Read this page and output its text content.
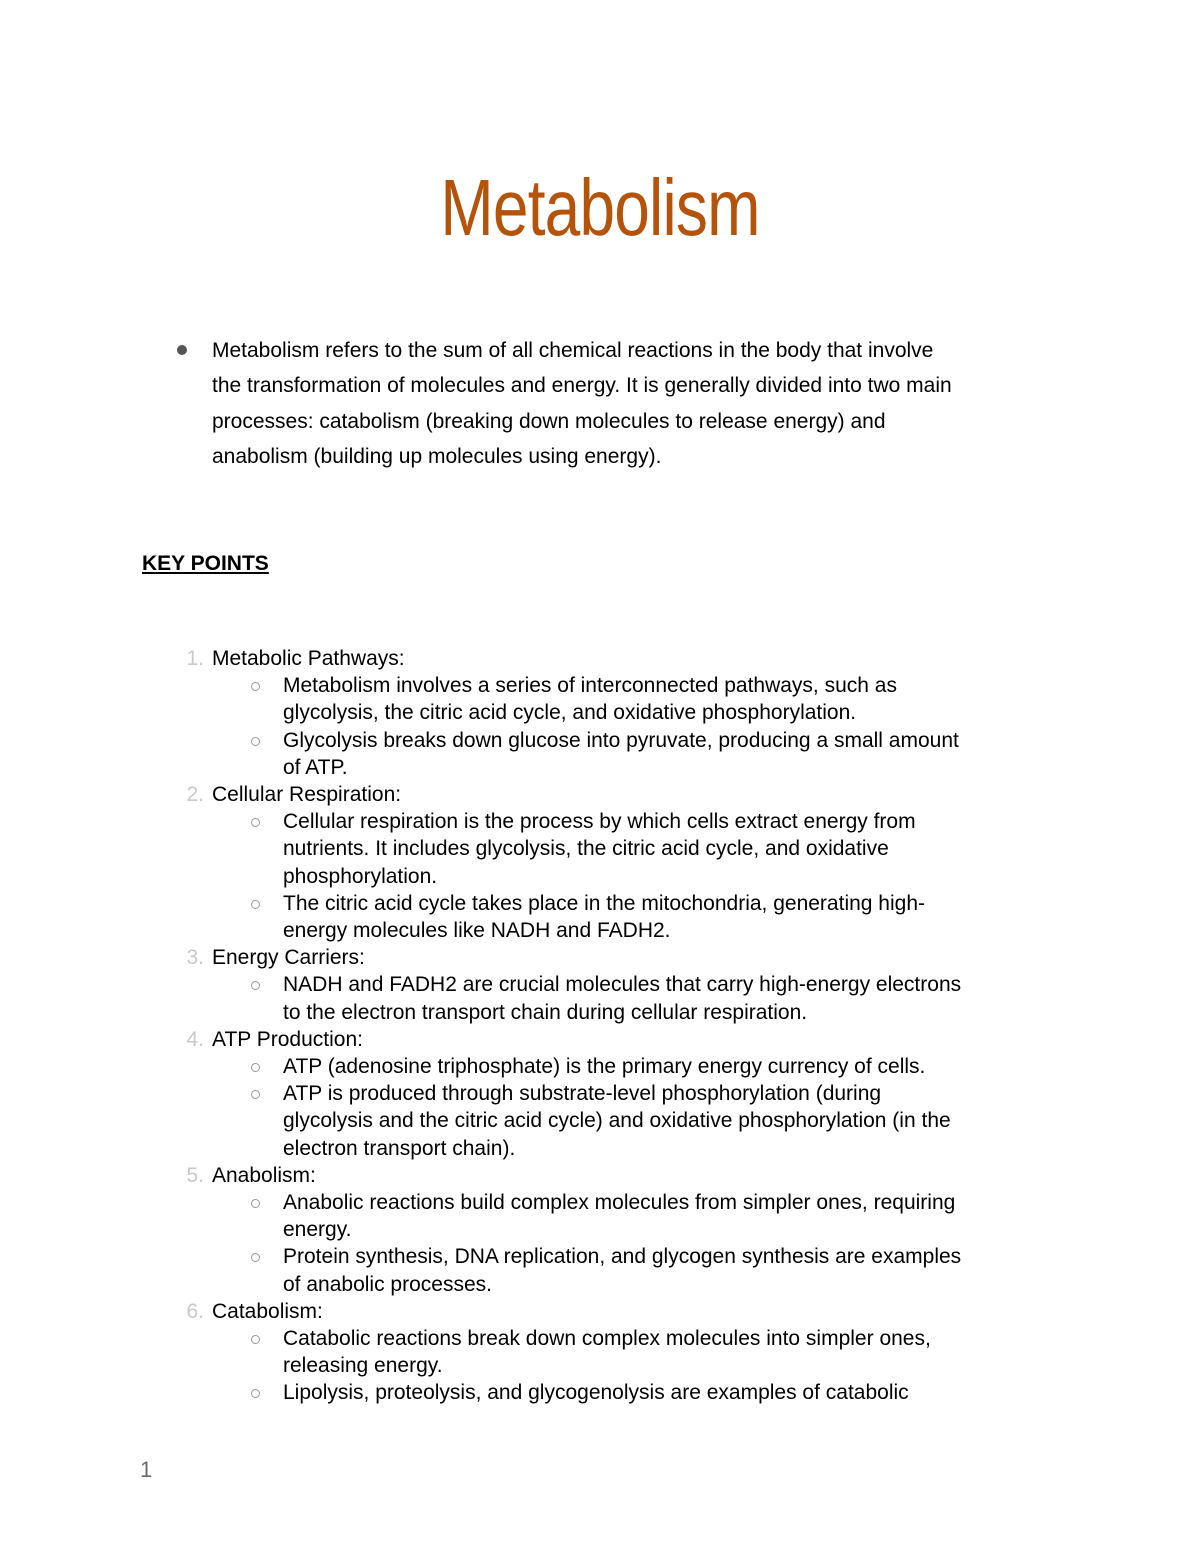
Metabolism
Metabolism refers to the sum of all chemical reactions in the body that involve
the transformation of molecules and energy. It is generally divided into two main
processes: catabolism (breaking down molecules to release energy) and
anabolism (building up molecules using energy).
KEY POINTS
1. Metabolic Pathways:
Metabolism involves a series of interconnected pathways, such as
glycolysis, the citric acid cycle, and oxidative phosphorylation.
Glycolysis breaks down glucose into pyruvate, producing a small amount
of ATP.
2. Cellular Respiration:
Cellular respiration is the process by which cells extract energy from
nutrients. It includes glycolysis, the citric acid cycle, and oxidative
phosphorylation.
The citric acid cycle takes place in the mitochondria, generating high-
energy molecules like NADH and FADH2.
3. Energy Carriers:
NADH and FADH2 are crucial molecules that carry high-energy electrons
to the electron transport chain during cellular respiration.
4. ATP Production:
ATP (adenosine triphosphate) is the primary energy currency of cells.
ATP is produced through substrate-level phosphorylation (during
glycolysis and the citric acid cycle) and oxidative phosphorylation (in the
electron transport chain).
5. Anabolism:
Anabolic reactions build complex molecules from simpler ones, requiring
energy.
Protein synthesis, DNA replication, and glycogen synthesis are examples
of anabolic processes.
6. Catabolism:
Catabolic reactions break down complex molecules into simpler ones,
releasing energy.
Lipolysis, proteolysis, and glycogenolysis are examples of catabolic
1
